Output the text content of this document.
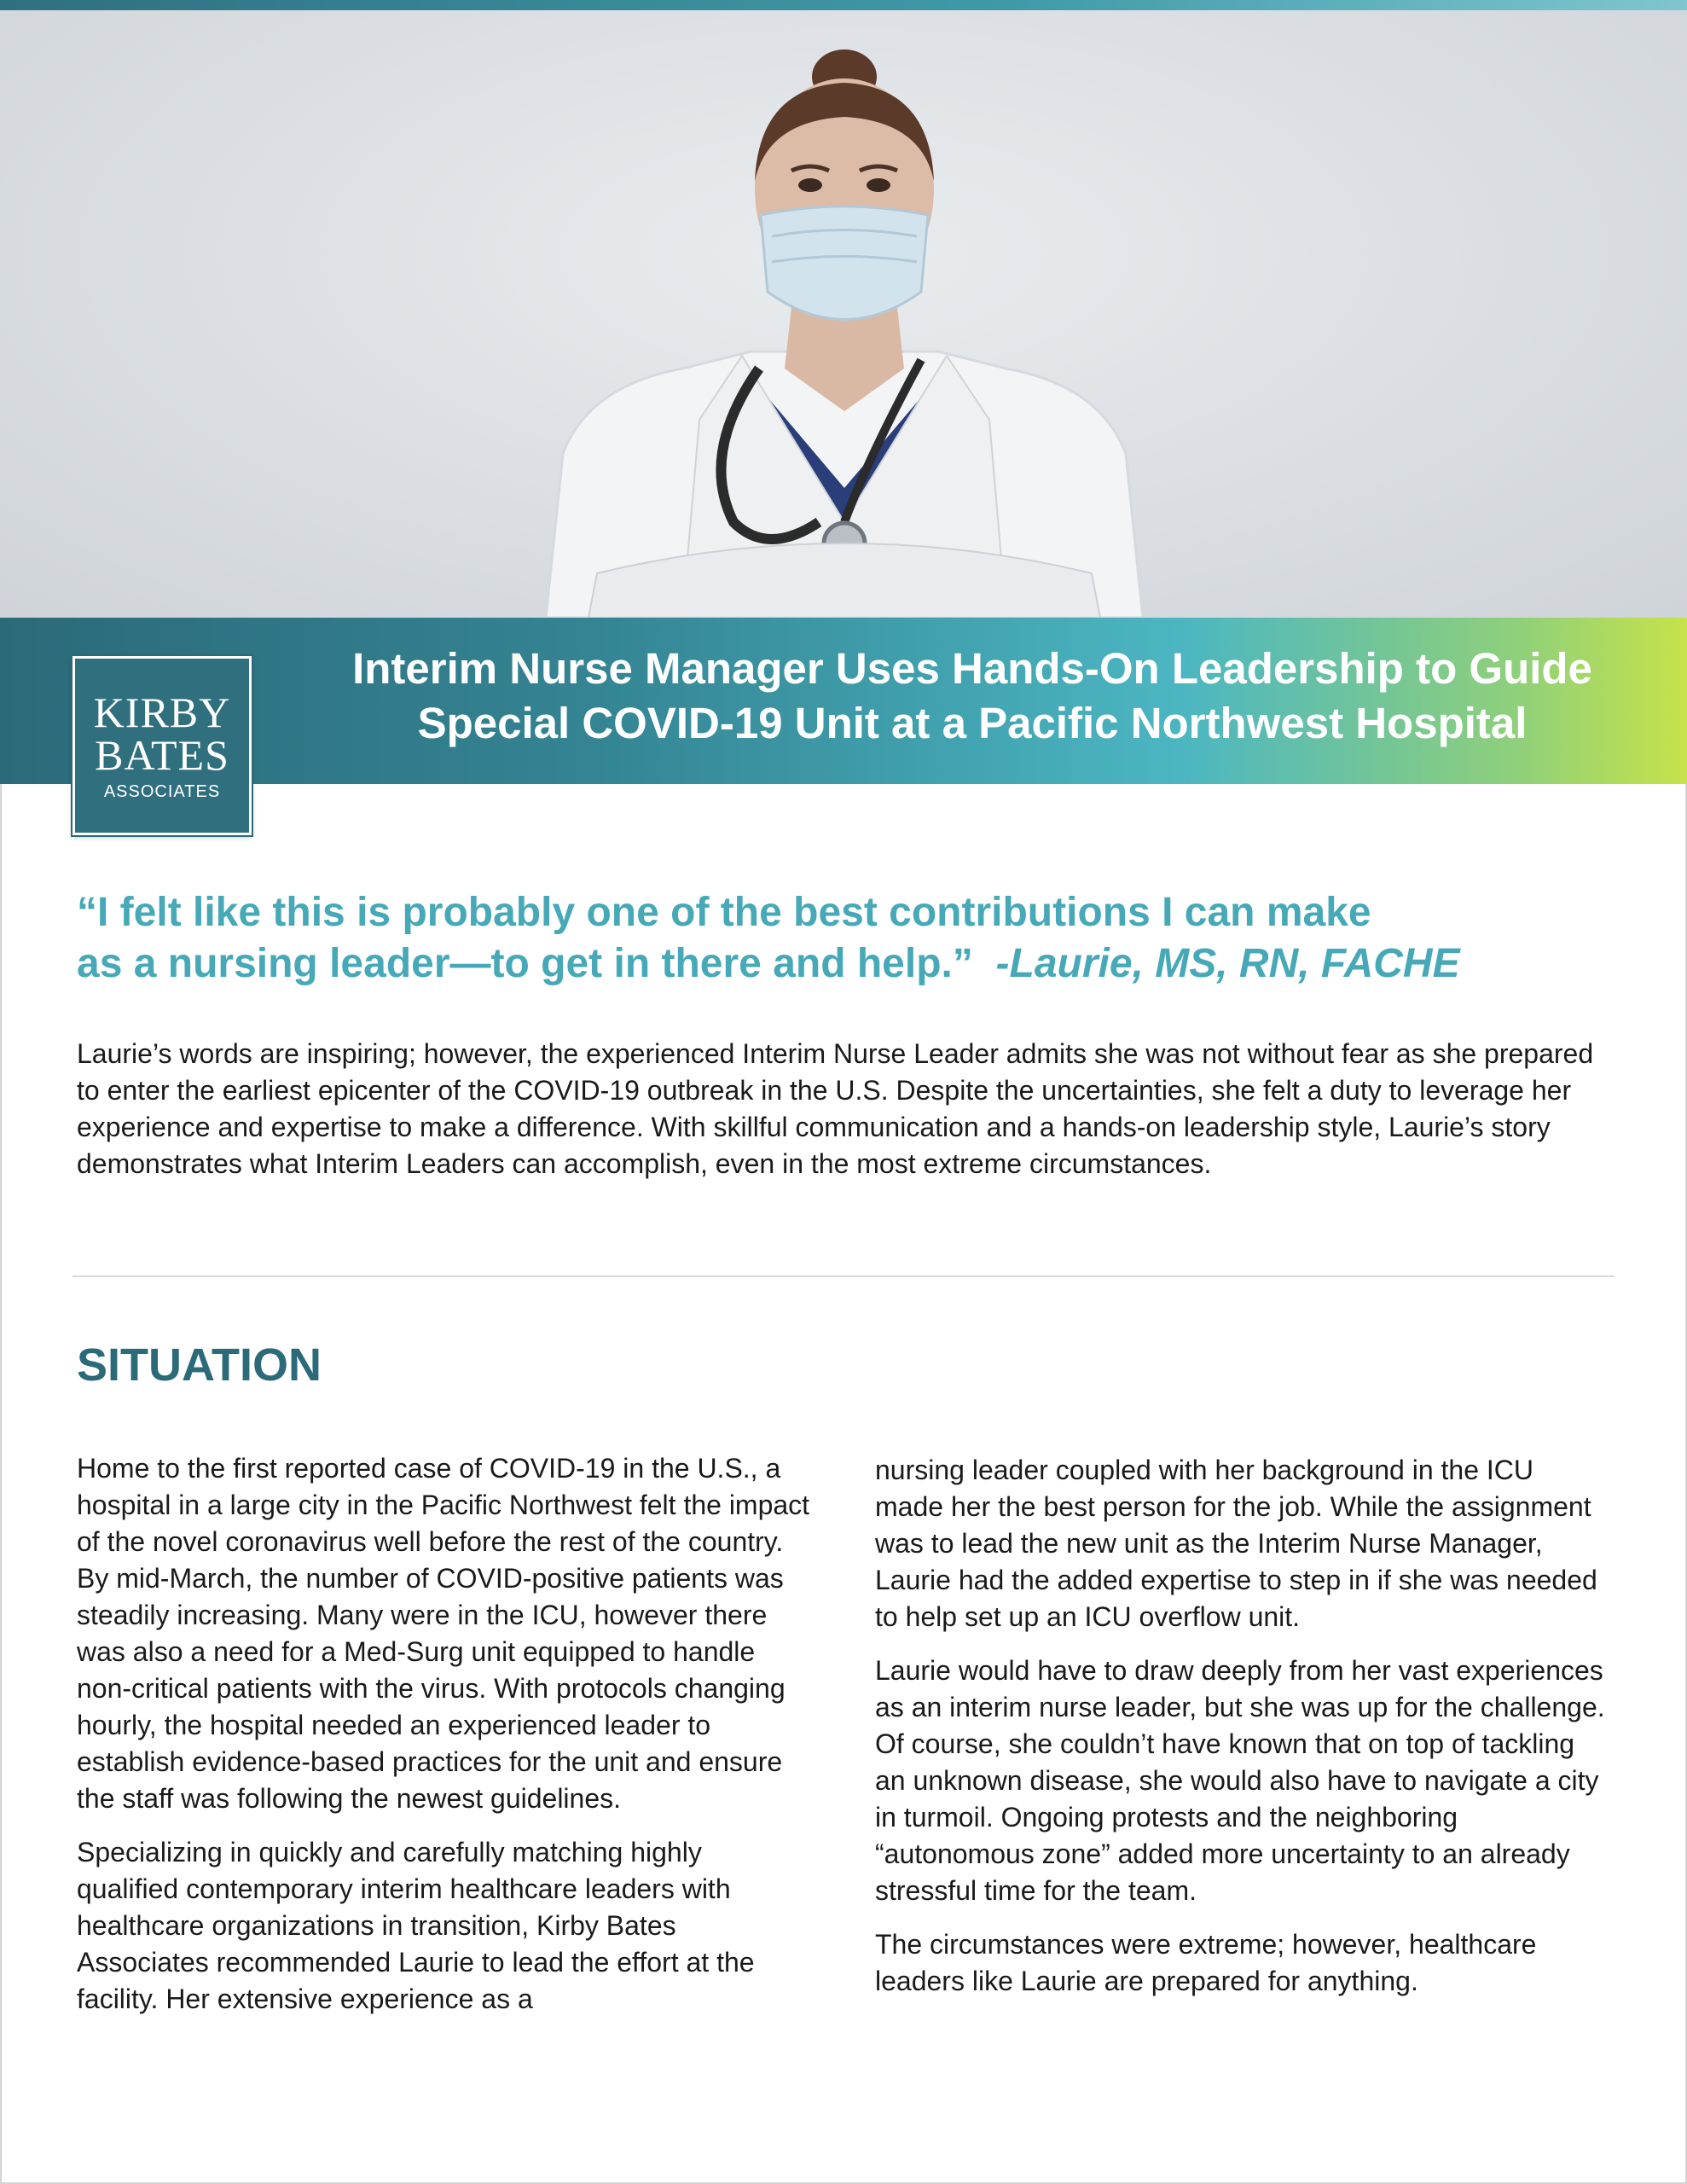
Interim Nurse Manager Uses Hands-On Leadership to Guide
Special COVID-19 Unit at a Pacific Northwest Hospital
KIRBY
BATES
ASSOCIATES
“I felt like this is probably one of the best contributions I can make
as a nursing leader—to get in there and help.” -Laurie, MS, RN, FACHE
Laurie’s words are inspiring; however, the experienced Interim Nurse Leader admits she was not without fear as she prepared to enter the earliest epicenter of the COVID-19 outbreak in the U.S. Despite the uncertainties, she felt a duty to leverage her experience and expertise to make a difference. With skillful communication and a hands-on leadership style, Laurie’s story demonstrates what Interim Leaders can accomplish, even in the most extreme circumstances.
SITUATION

Home to the first reported case of COVID-19 in the U.S., a hospital in a large city in the Pacific Northwest felt the impact of the novel coronavirus well before the rest of the country. By mid-March, the number of COVID-positive patients was steadily increasing. Many were in the ICU, however there was also a need for a Med-Surg unit equipped to handle non-critical patients with the virus. With protocols changing hourly, the hospital needed an experienced leader to establish evidence-based practices for the unit and ensure the staff was following the newest guidelines.

Specializing in quickly and carefully matching highly qualified contemporary interim healthcare leaders with healthcare organizations in transition, Kirby Bates Associates recommended Laurie to lead the effort at the facility. Her extensive experience as a

nursing leader coupled with her background in the ICU made her the best person for the job. While the assignment was to lead the new unit as the Interim Nurse Manager, Laurie had the added expertise to step in if she was needed to help set up an ICU overflow unit.

Laurie would have to draw deeply from her vast experiences as an interim nurse leader, but she was up for the challenge. Of course, she couldn’t have known that on top of tackling an unknown disease, she would also have to navigate a city in turmoil. Ongoing protests and the neighboring “autonomous zone” added more uncertainty to an already stressful time for the team.

The circumstances were extreme; however, healthcare leaders like Laurie are prepared for anything.
